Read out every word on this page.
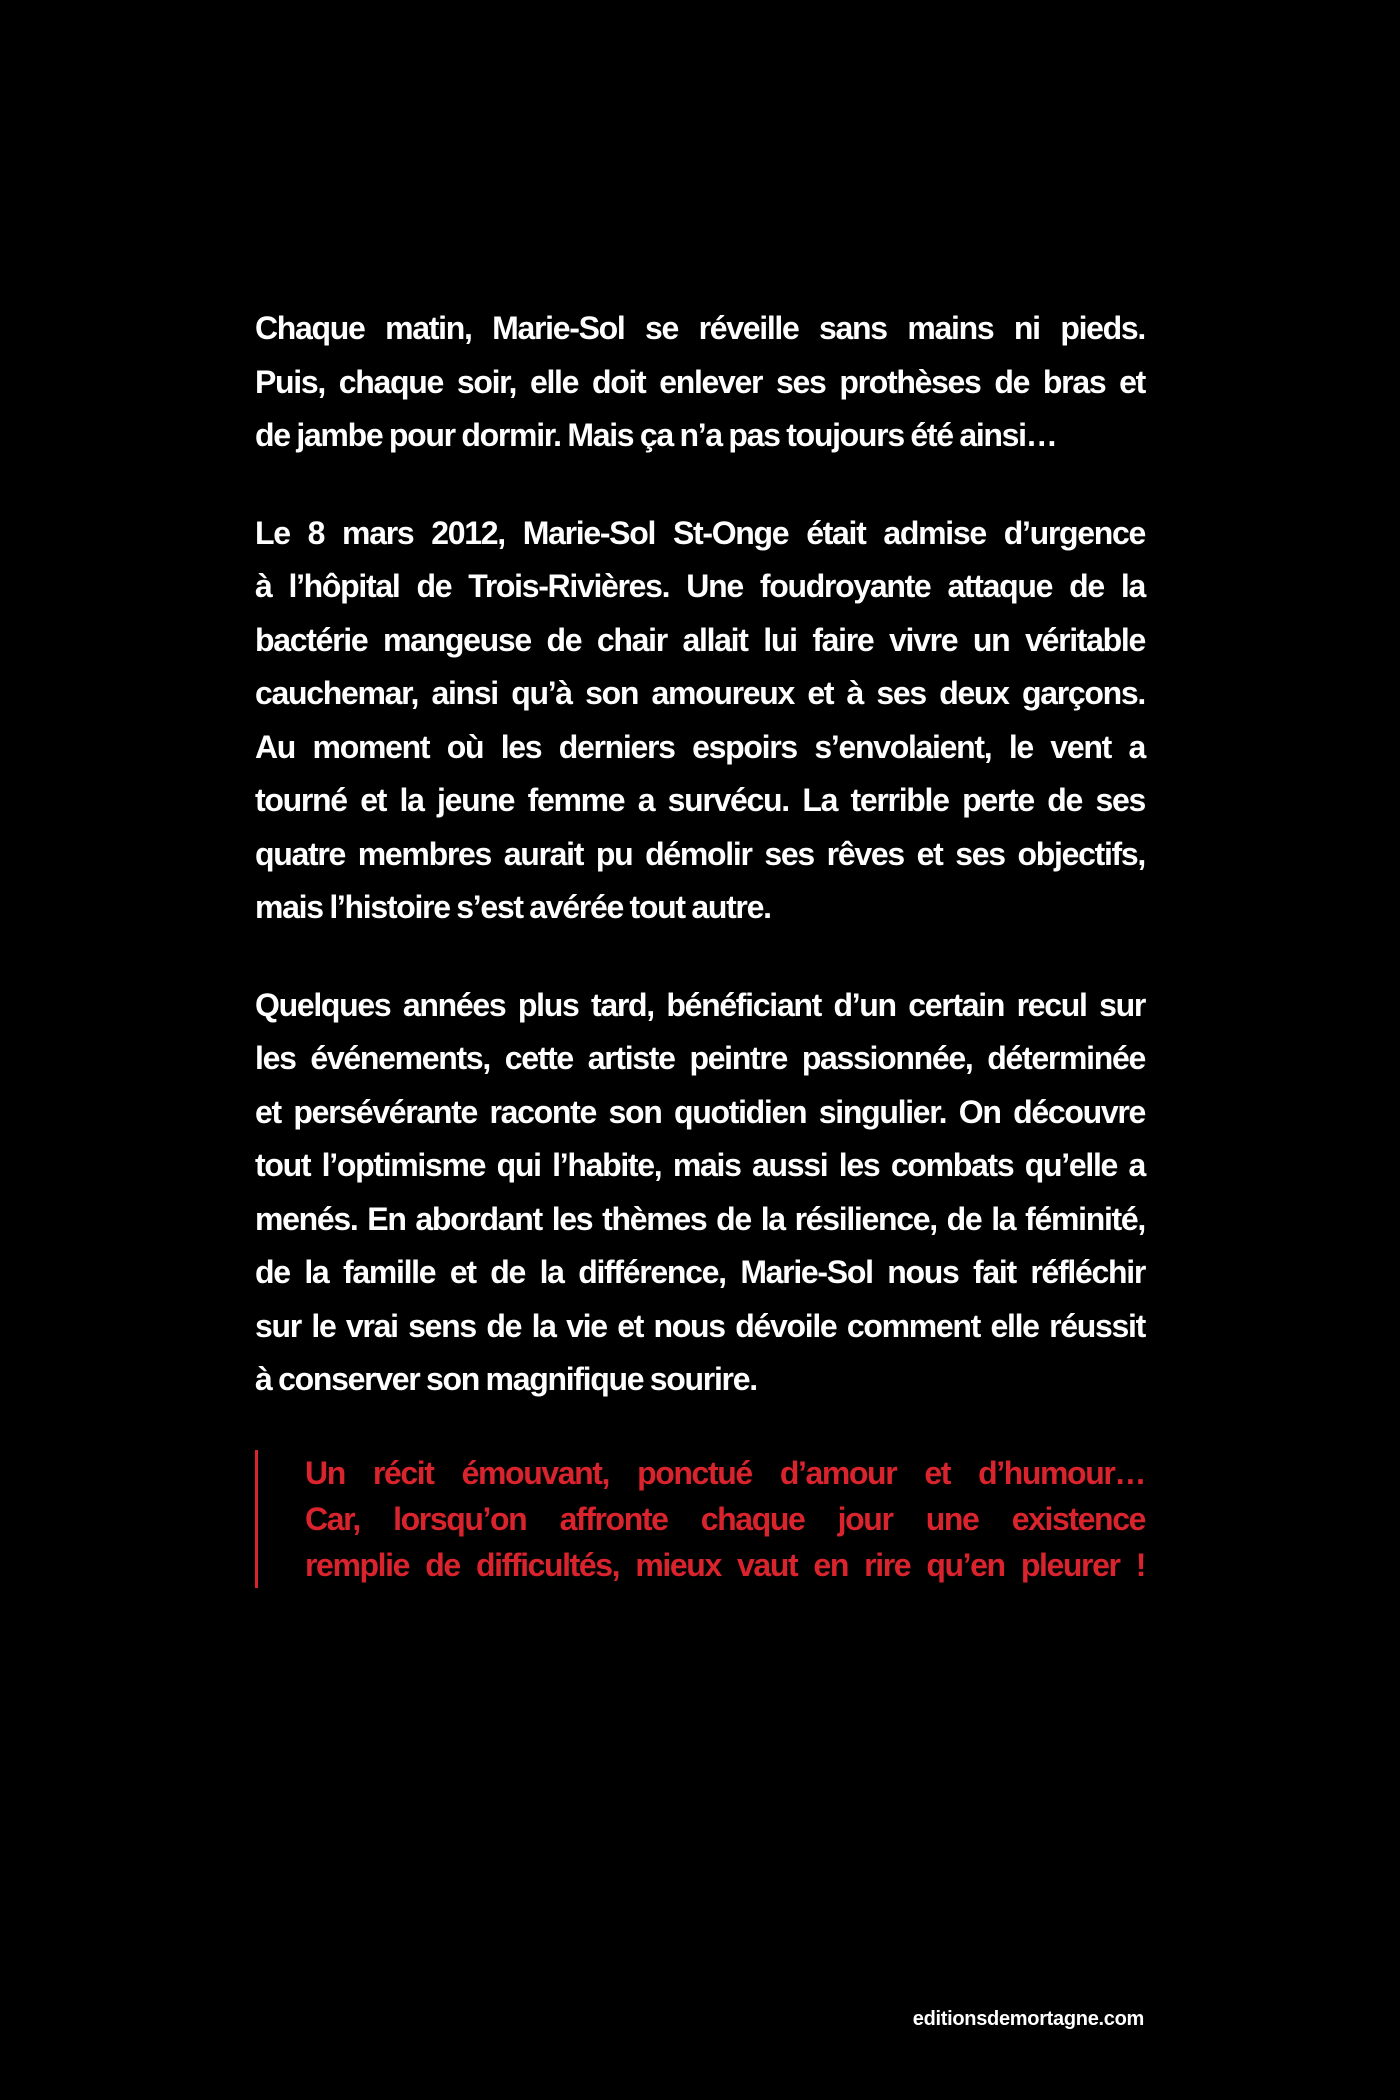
Chaque matin, Marie-Sol se réveille sans mains ni pieds.
Puis, chaque soir, elle doit enlever ses prothèses de bras et
de jambe pour dormir. Mais ça n’a pas toujours été ainsi…

Le 8 mars 2012, Marie-Sol St-Onge était admise d’urgence
à l’hôpital de Trois-Rivières. Une foudroyante attaque de la
bactérie mangeuse de chair allait lui faire vivre un véritable
cauchemar, ainsi qu’à son amoureux et à ses deux garçons.
Au moment où les derniers espoirs s’envolaient, le vent a
tourné et la jeune femme a survécu. La terrible perte de ses
quatre membres aurait pu démolir ses rêves et ses objectifs,
mais l’histoire s’est avérée tout autre.

Quelques années plus tard, bénéficiant d’un certain recul sur
les événements, cette artiste peintre passionnée, déterminée
et persévérante raconte son quotidien singulier. On découvre
tout l’optimisme qui l’habite, mais aussi les combats qu’elle a
menés. En abordant les thèmes de la résilience, de la féminité,
de la famille et de la différence, Marie-Sol nous fait réfléchir
sur le vrai sens de la vie et nous dévoile comment elle réussit
à conserver son magnifique sourire.

Un récit émouvant, ponctué d’amour et d’humour…
Car, lorsqu’on affronte chaque jour une existence
remplie de difficultés, mieux vaut en rire qu’en pleurer !

editionsdemortagne.com
